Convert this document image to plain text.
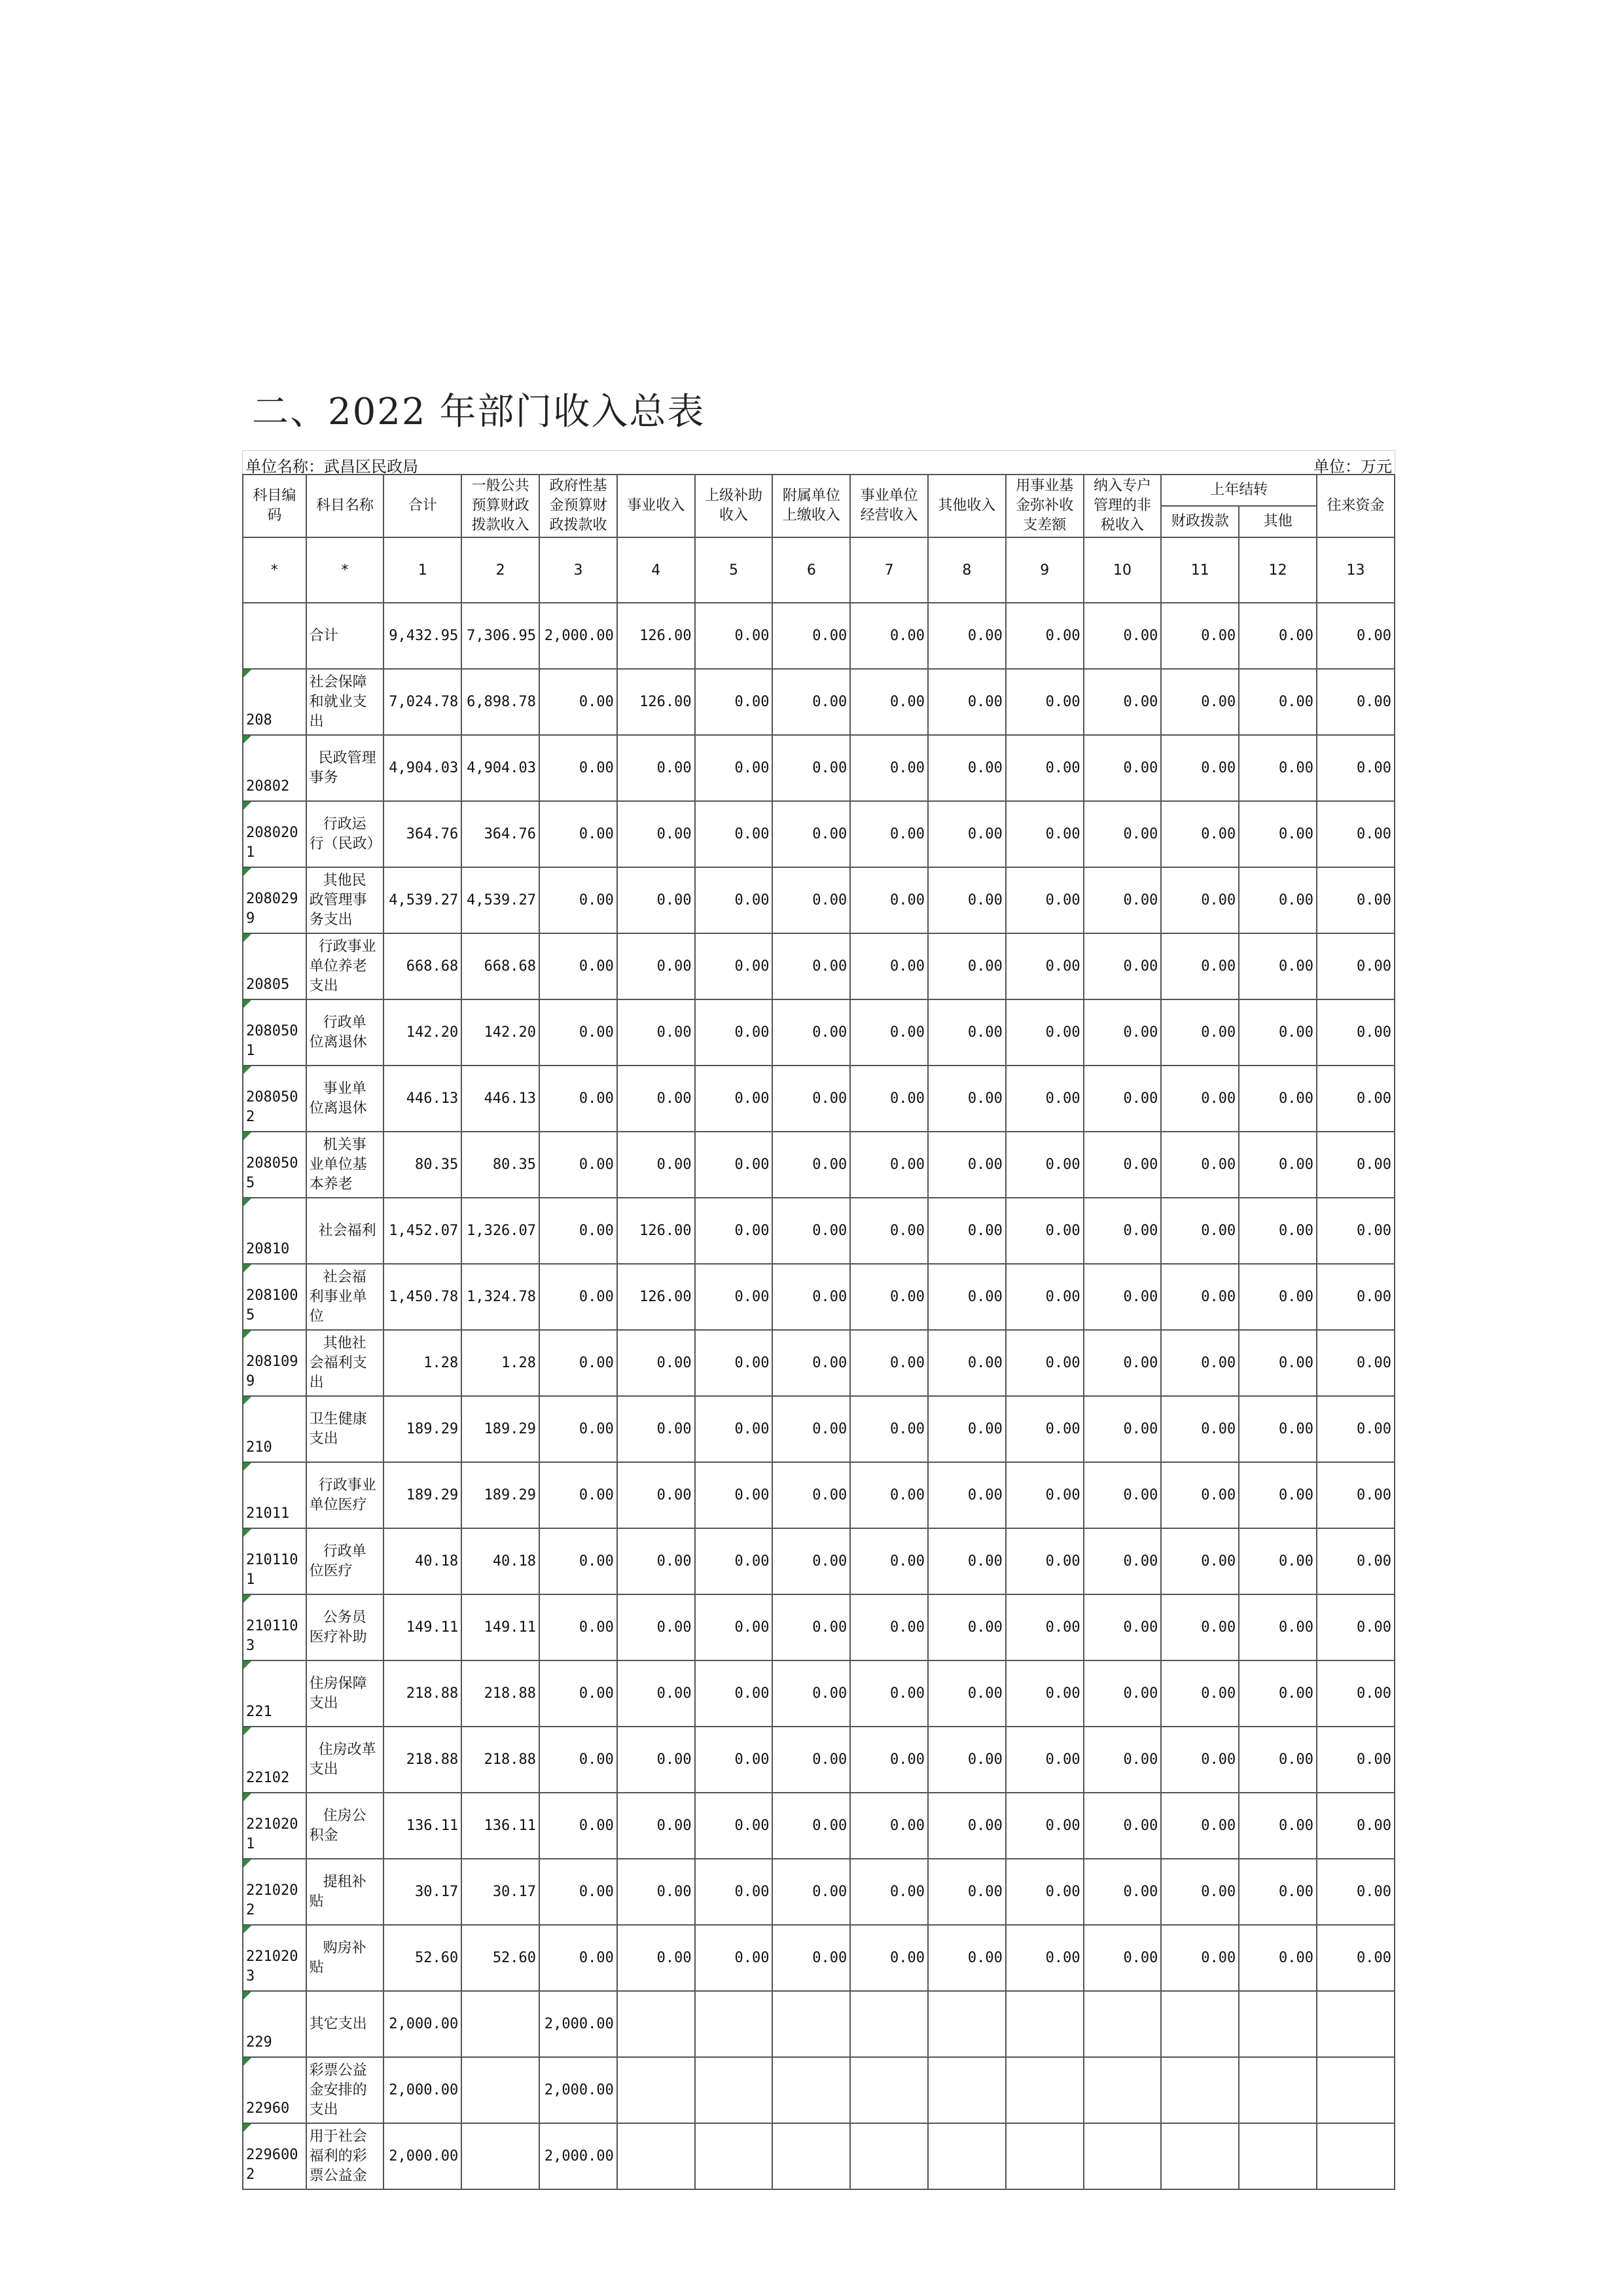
二、2022 年部门收入总表
单位名称：武昌区民政局	单位：万元
科目编码	科目名称	合计	一般公共预算财政拨款收入	政府性基金预算财政拨款收	事业收入	上级补助收入	附属单位上缴收入	事业单位经营收入	其他收入	用事业基金弥补收支差额	纳入专户管理的非税收入	上年结转		往来资金
												财政拨款	其他	
*	*	1	2	3	4	5	6	7	8	9	10	11	12	13
	合计	9,432.95	7,306.95	2,000.00	126.00	0.00	0.00	0.00	0.00	0.00	0.00	0.00	0.00	0.00

208	社会保障和就业支出	7,024.78	6,898.78	0.00	126.00	0.00	0.00	0.00	0.00	0.00	0.00	0.00	0.00	0.00

20802	民政管理事务	4,904.03	4,904.03	0.00	0.00	0.00	0.00	0.00	0.00	0.00	0.00	0.00	0.00	0.00

2080201	行政运行（民政）	364.76	364.76	0.00	0.00	0.00	0.00	0.00	0.00	0.00	0.00	0.00	0.00	0.00

2080299	其他民政管理事务支出	4,539.27	4,539.27	0.00	0.00	0.00	0.00	0.00	0.00	0.00	0.00	0.00	0.00	0.00

20805	行政事业单位养老支出	668.68	668.68	0.00	0.00	0.00	0.00	0.00	0.00	0.00	0.00	0.00	0.00	0.00

2080501	行政单位离退休	142.20	142.20	0.00	0.00	0.00	0.00	0.00	0.00	0.00	0.00	0.00	0.00	0.00

2080502	事业单位离退休	446.13	446.13	0.00	0.00	0.00	0.00	0.00	0.00	0.00	0.00	0.00	0.00	0.00

2080505	机关事业单位基本养老	80.35	80.35	0.00	0.00	0.00	0.00	0.00	0.00	0.00	0.00	0.00	0.00	0.00

20810	社会福利	1,452.07	1,326.07	0.00	126.00	0.00	0.00	0.00	0.00	0.00	0.00	0.00	0.00	0.00

2081005	社会福利事业单位	1,450.78	1,324.78	0.00	126.00	0.00	0.00	0.00	0.00	0.00	0.00	0.00	0.00	0.00

2081099	其他社会福利支出	1.28	1.28	0.00	0.00	0.00	0.00	0.00	0.00	0.00	0.00	0.00	0.00	0.00

210	卫生健康支出	189.29	189.29	0.00	0.00	0.00	0.00	0.00	0.00	0.00	0.00	0.00	0.00	0.00

21011	行政事业单位医疗	189.29	189.29	0.00	0.00	0.00	0.00	0.00	0.00	0.00	0.00	0.00	0.00	0.00

2101101	行政单位医疗	40.18	40.18	0.00	0.00	0.00	0.00	0.00	0.00	0.00	0.00	0.00	0.00	0.00

2101103	公务员医疗补助	149.11	149.11	0.00	0.00	0.00	0.00	0.00	0.00	0.00	0.00	0.00	0.00	0.00

221	住房保障支出	218.88	218.88	0.00	0.00	0.00	0.00	0.00	0.00	0.00	0.00	0.00	0.00	0.00

22102	住房改革支出	218.88	218.88	0.00	0.00	0.00	0.00	0.00	0.00	0.00	0.00	0.00	0.00	0.00

2210201	住房公积金	136.11	136.11	0.00	0.00	0.00	0.00	0.00	0.00	0.00	0.00	0.00	0.00	0.00

2210202	提租补贴	30.17	30.17	0.00	0.00	0.00	0.00	0.00	0.00	0.00	0.00	0.00	0.00	0.00

2210203	购房补贴	52.60	52.60	0.00	0.00	0.00	0.00	0.00	0.00	0.00	0.00	0.00	0.00	0.00

229	其它支出	2,000.00		2,000.00										

22960	彩票公益金安排的支出	2,000.00		2,000.00										

2296002	用于社会福利的彩票公益金	2,000.00		2,000.00										
